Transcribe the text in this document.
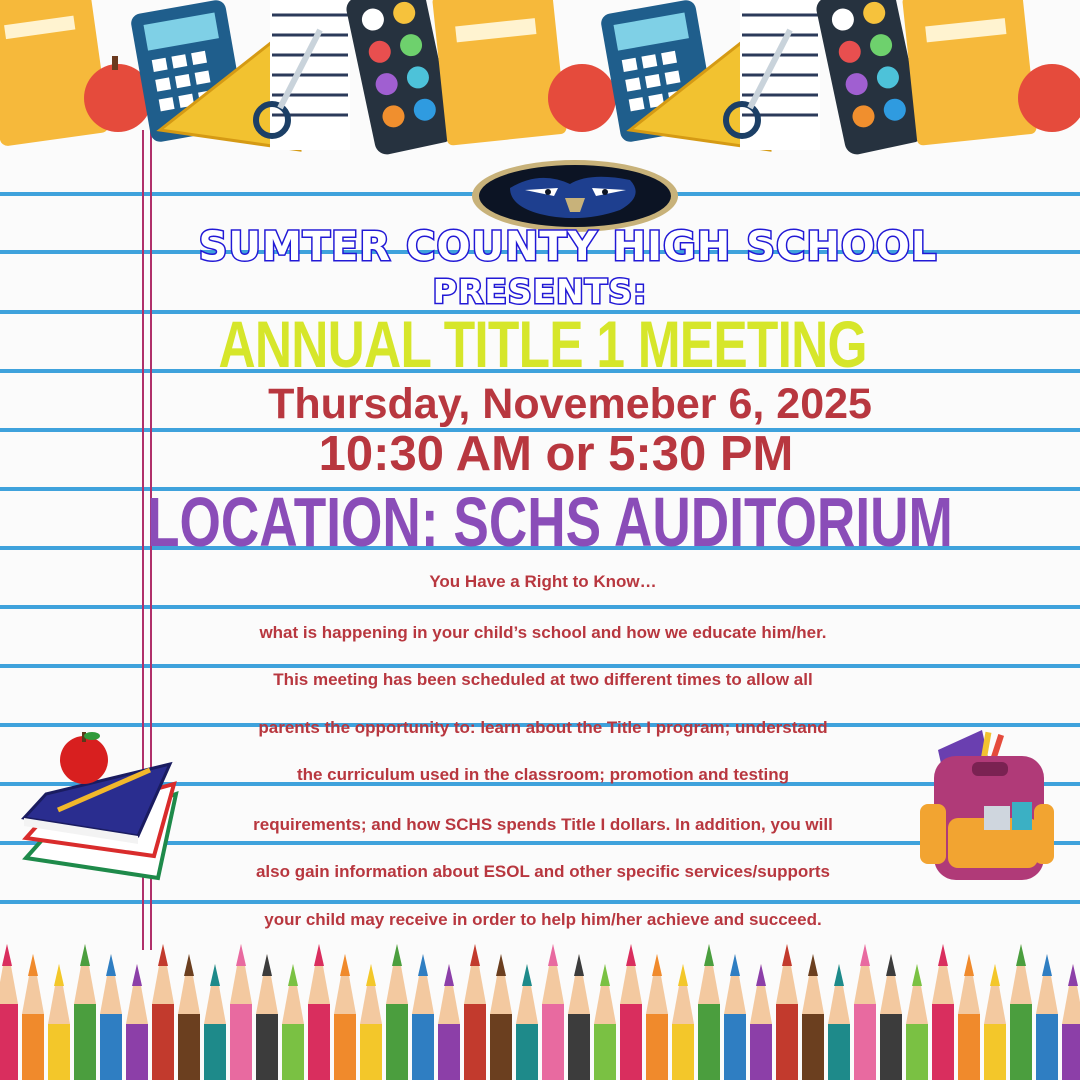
SUMTER COUNTY HIGH SCHOOL
PRESENTS:
ANNUAL TITLE 1 MEETING
Thursday, Novemeber 6, 2025
10:30 AM or 5:30 PM
LOCATION: SCHS AUDITORIUM
You Have a Right to Know…
what is happening in your child’s school and how we educate him/her.
This meeting has been scheduled at two different times to allow all
parents the opportunity to: learn about the Title I program; understand
the curriculum used in the classroom; promotion and testing
requirements; and how SCHS spends Title I dollars. In addition, you will
also gain information about ESOL and other specific services/supports
your child may receive in order to help him/her achieve and succeed.
